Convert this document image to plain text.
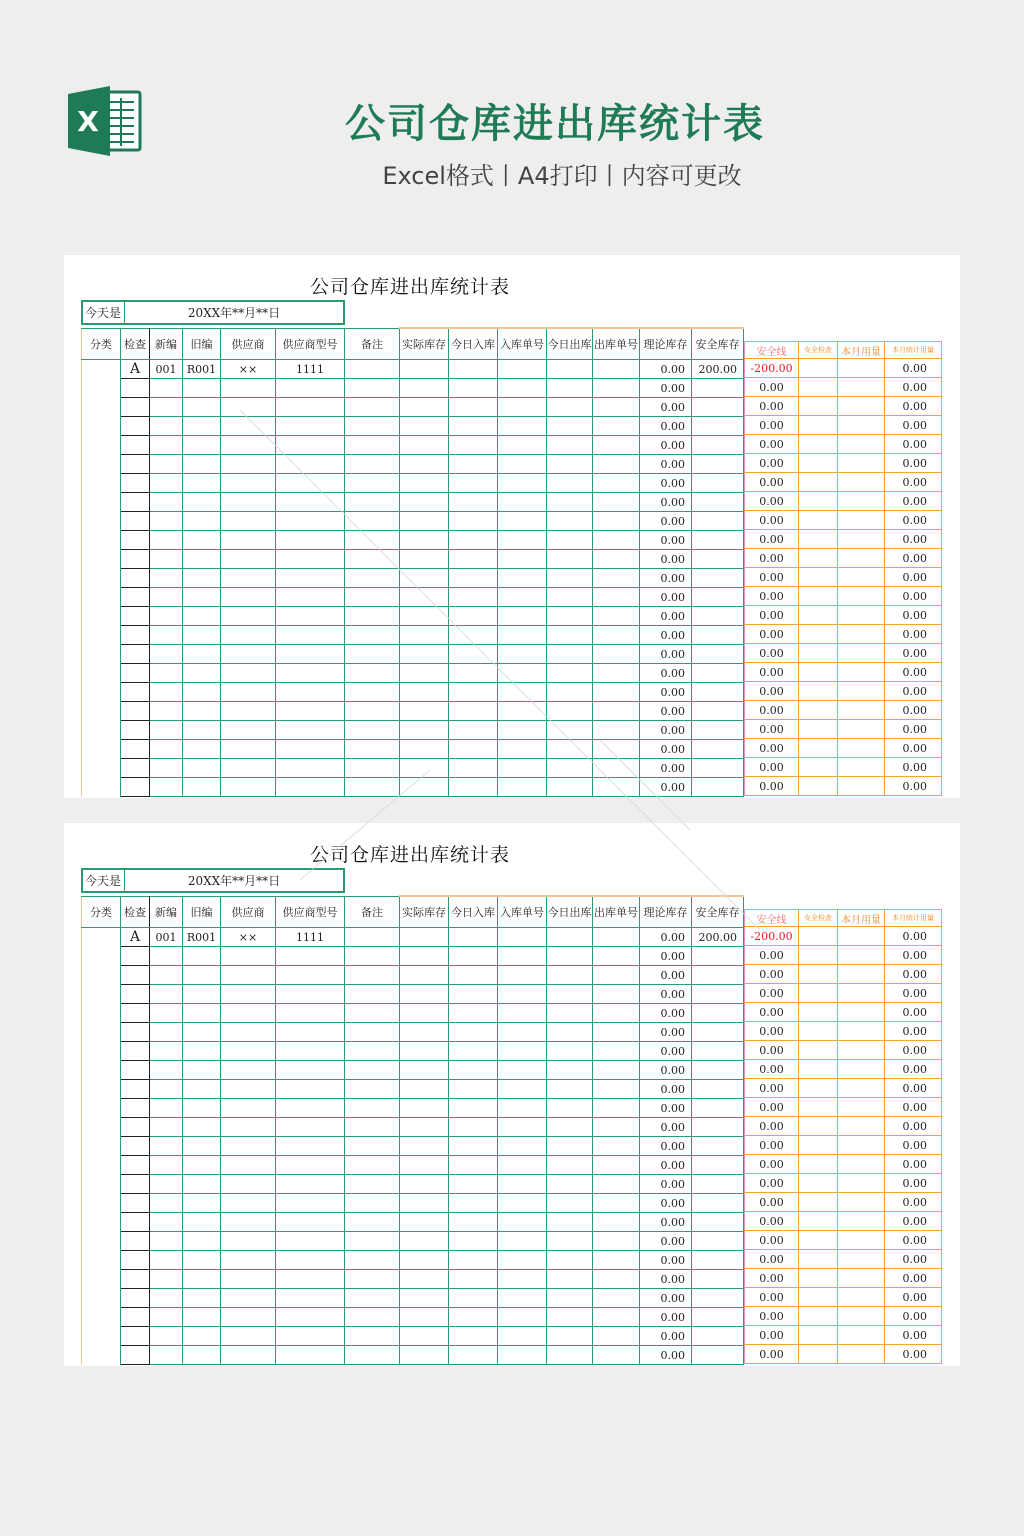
X	公司仓库进出库统计表
Excel格式丨A4打印丨内容可更改
公司仓库进出库统计表
今天是	20XX年**月**日
分类	检查	新编	旧编	供应商	供应商型号	备注	实际库存	今日入库	入库单号	今日出库	出库单号	理论库存	安全库存
	A	001	R001	××	1111							0.00	200.00
												0.00	
												0.00	
												0.00	
												0.00	
												0.00	
												0.00	
												0.00	
												0.00	
												0.00	
												0.00	
												0.00	
												0.00	
												0.00	
												0.00	
												0.00	
												0.00	
												0.00	
												0.00	
												0.00	
												0.00	
												0.00	
												0.00	
安全线	安全检查	本月用量	本月统计用量
-200.00			0.00
0.00			0.00
0.00			0.00
0.00			0.00
0.00			0.00
0.00			0.00
0.00			0.00
0.00			0.00
0.00			0.00
0.00			0.00
0.00			0.00
0.00			0.00
0.00			0.00
0.00			0.00
0.00			0.00
0.00			0.00
0.00			0.00
0.00			0.00
0.00			0.00
0.00			0.00
0.00			0.00
0.00			0.00
0.00			0.00
公司仓库进出库统计表
今天是	20XX年**月**日
分类	检查	新编	旧编	供应商	供应商型号	备注	实际库存	今日入库	入库单号	今日出库	出库单号	理论库存	安全库存
	A	001	R001	××	1111							0.00	200.00
												0.00	
												0.00	
												0.00	
												0.00	
												0.00	
												0.00	
												0.00	
												0.00	
												0.00	
												0.00	
												0.00	
												0.00	
												0.00	
												0.00	
												0.00	
												0.00	
												0.00	
												0.00	
												0.00	
												0.00	
												0.00	
												0.00	
安全线	安全检查	本月用量	本月统计用量
-200.00			0.00
0.00			0.00
0.00			0.00
0.00			0.00
0.00			0.00
0.00			0.00
0.00			0.00
0.00			0.00
0.00			0.00
0.00			0.00
0.00			0.00
0.00			0.00
0.00			0.00
0.00			0.00
0.00			0.00
0.00			0.00
0.00			0.00
0.00			0.00
0.00			0.00
0.00			0.00
0.00			0.00
0.00			0.00
0.00			0.00
